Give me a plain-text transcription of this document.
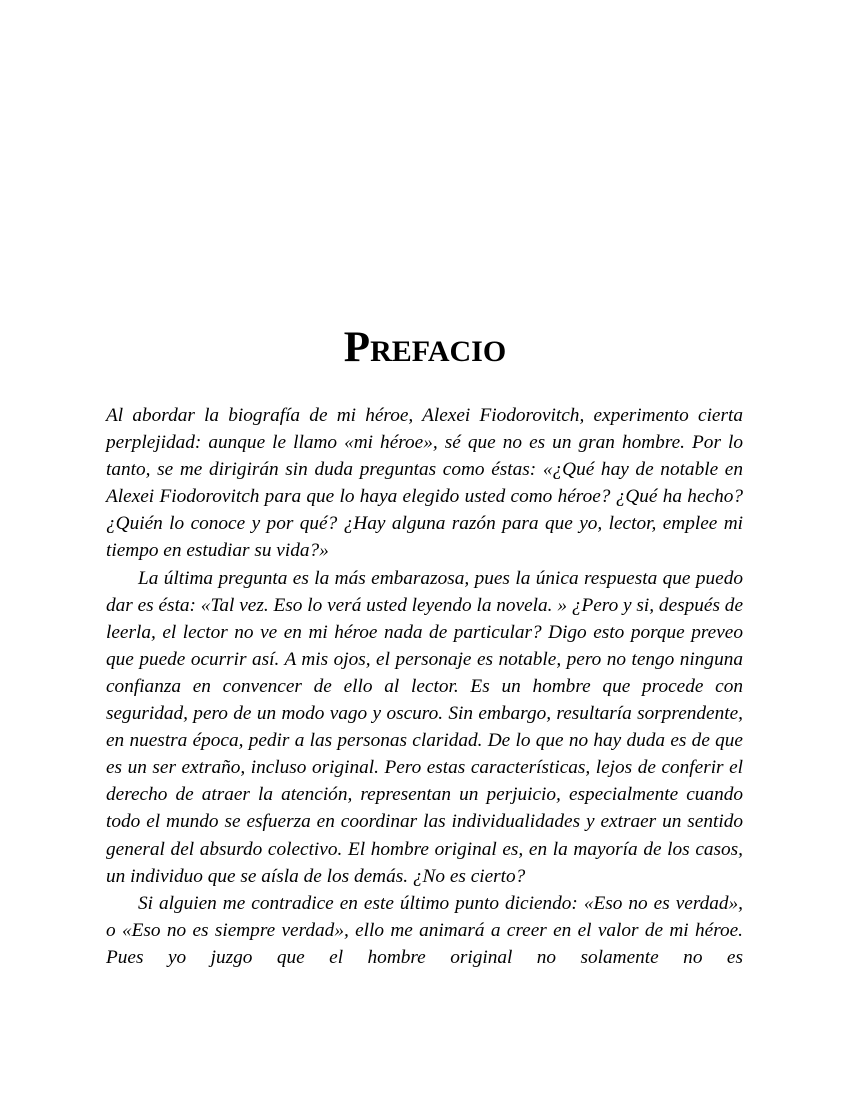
Prefacio

Al abordar la biografía de mi héroe, Alexei Fiodorovitch, experimento cierta perplejidad: aunque le llamo «mi héroe», sé que no es un gran hombre. Por lo tanto, se me dirigirán sin duda preguntas como éstas: «¿Qué hay de notable en Alexei Fiodorovitch para que lo haya elegido usted como héroe? ¿Qué ha hecho? ¿Quién lo conoce y por qué? ¿Hay alguna razón para que yo, lector, emplee mi tiempo en estudiar su vida?»

La última pregunta es la más embarazosa, pues la única respuesta que puedo dar es ésta: «Tal vez. Eso lo verá usted leyendo la novela. » ¿Pero y si, después de leerla, el lector no ve en mi héroe nada de particular? Digo esto porque preveo que puede ocurrir así. A mis ojos, el personaje es notable, pero no tengo ninguna confianza en convencer de ello al lector. Es un hombre que procede con seguridad, pero de un modo vago y oscuro. Sin embargo, resultaría sorprendente, en nuestra época, pedir a las personas claridad. De lo que no hay duda es de que es un ser extraño, incluso original. Pero estas características, lejos de conferir el derecho de atraer la atención, representan un perjuicio, especialmente cuando todo el mundo se esfuerza en coordinar las individualidades y extraer un sentido general del absurdo colectivo. El hombre original es, en la mayoría de los casos, un individuo que se aísla de los demás. ¿No es cierto?

Si alguien me contradice en este último punto diciendo: «Eso no es verdad», o «Eso no es siempre verdad», ello me animará a creer en el valor de mi héroe. Pues yo juzgo que el hombre original no solamente no es
